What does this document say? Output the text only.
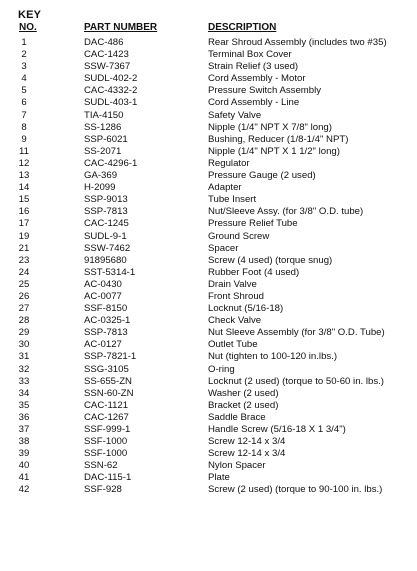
KEY
NO.	PART NUMBER	DESCRIPTION
1	DAC-486	Rear Shroud Assembly (includes two #35)
2	CAC-1423	Terminal Box Cover
3	SSW-7367	Strain Relief (3 used)
4	SUDL-402-2	Cord Assembly - Motor
5	CAC-4332-2	Pressure Switch Assembly
6	SUDL-403-1	Cord Assembly - Line
7	TIA-4150	Safety Valve
8	SS-1286	Nipple (1/4" NPT X 7/8" long)
9	SSP-6021	Bushing, Reducer (1/8-1/4" NPT)
11	SS-2071	Nipple (1/4" NPT X 1 1/2" long)
12	CAC-4296-1	Regulator
13	GA-369	Pressure Gauge (2 used)
14	H-2099	Adapter
15	SSP-9013	Tube Insert
16	SSP-7813	Nut/Sleeve Assy. (for 3/8" O.D. tube)
17	CAC-1245	Pressure Relief Tube
19	SUDL-9-1	Ground Screw
21	SSW-7462	Spacer
23	91895680	Screw (4 used) (torque snug)
24	SST-5314-1	Rubber Foot (4 used)
25	AC-0430	Drain Valve
26	AC-0077	Front Shroud
27	SSF-8150	Locknut (5/16-18)
28	AC-0325-1	Check Valve
29	SSP-7813	Nut Sleeve Assembly (for 3/8" O.D. Tube)
30	AC-0127	Outlet Tube
31	SSP-7821-1	Nut (tighten to 100-120 in.lbs.)
32	SSG-3105	O-ring
33	SS-655-ZN	Locknut (2 used) (torque to 50-60 in. lbs.)
34	SSN-60-ZN	Washer (2 used)
35	CAC-1121	Bracket (2 used)
36	CAC-1267	Saddle Brace
37	SSF-999-1	Handle Screw (5/16-18 X 1 3/4")
38	SSF-1000	Screw 12-14 x 3/4
39	SSF-1000	Screw 12-14 x 3/4
40	SSN-62	Nylon Spacer
41	DAC-115-1	Plate
42	SSF-928	Screw (2 used) (torque to 90-100 in. lbs.)
